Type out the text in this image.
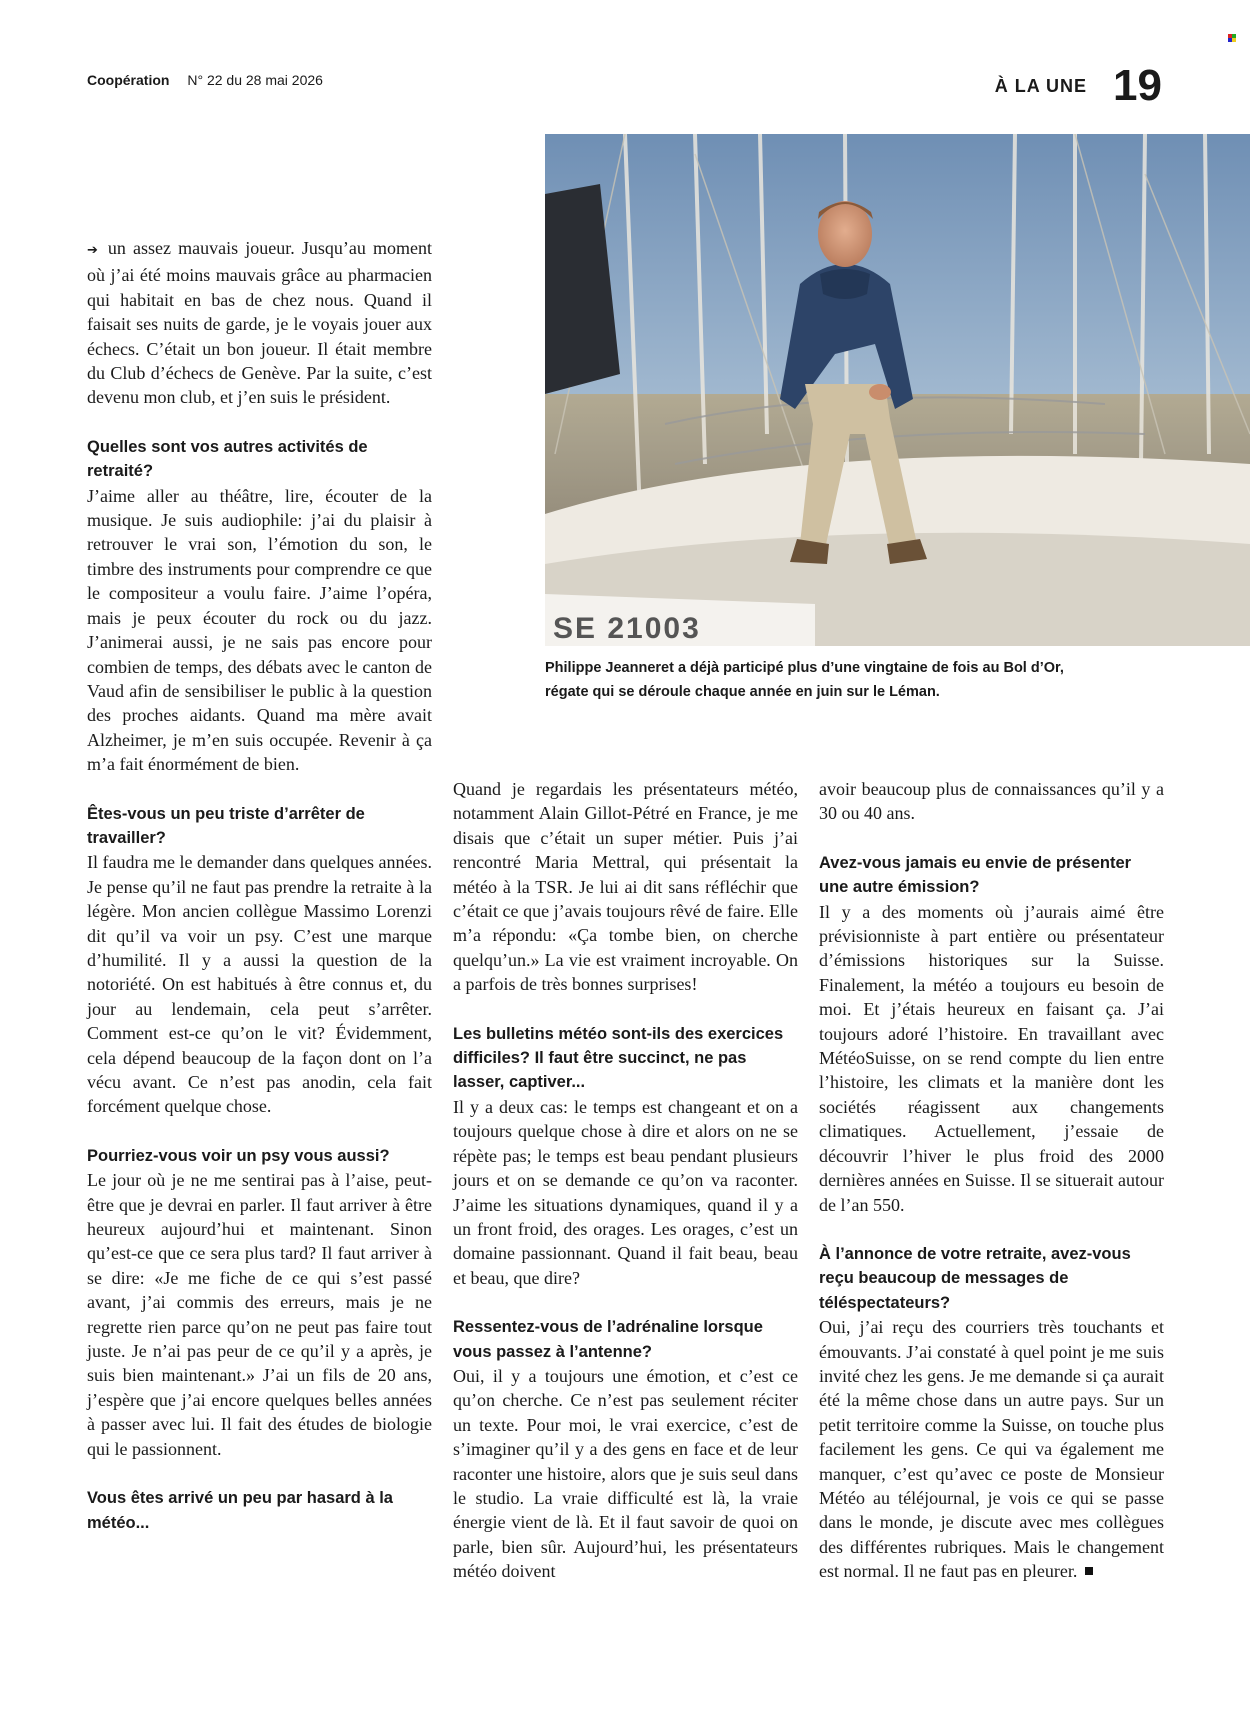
Coopération N° 22 du 28 mai 2026	À LA UNE 19
SE 21003
Philippe Jeanneret a déjà participé plus d’une vingtaine de fois au Bol d’Or, régate qui se déroule chaque année en juin sur le Léman.

➔ un assez mauvais joueur. Jusqu’au moment où j’ai été moins mauvais grâce au pharmacien qui habitait en bas de chez nous. Quand il faisait ses nuits de garde, je le voyais jouer aux échecs. C’était un bon joueur. Il était membre du Club d’échecs de Genève. Par la suite, c’est devenu mon club, et j’en suis le président.

Quelles sont vos autres activités de retraité?

J’aime aller au théâtre, lire, écouter de la musique. Je suis audiophile: j’ai du plaisir à retrouver le vrai son, l’émotion du son, le timbre des instruments pour comprendre ce que le compositeur a voulu faire. J’aime l’opéra, mais je peux écouter du rock ou du jazz. J’animerai aussi, je ne sais pas encore pour combien de temps, des débats avec le canton de Vaud afin de sensibiliser le public à la question des proches aidants. Quand ma mère avait Alzheimer, je m’en suis occupée. Revenir à ça m’a fait énormément de bien.

Êtes-vous un peu triste d’arrêter de travailler?

Il faudra me le demander dans quelques années. Je pense qu’il ne faut pas prendre la retraite à la légère. Mon ancien collègue Massimo Lorenzi dit qu’il va voir un psy. C’est une marque d’humilité. Il y a aussi la question de la notoriété. On est habitués à être connus et, du jour au lendemain, cela peut s’arrêter. Comment est-ce qu’on le vit? Évidemment, cela dépend beaucoup de la façon dont on l’a vécu avant. Ce n’est pas anodin, cela fait forcément quelque chose.

Pourriez-vous voir un psy vous aussi?

Le jour où je ne me sentirai pas à l’aise, peut-être que je devrai en parler. Il faut arriver à être heureux aujourd’hui et maintenant. Sinon qu’est-ce que ce sera plus tard? Il faut arriver à se dire: «Je me fiche de ce qui s’est passé avant, j’ai commis des erreurs, mais je ne regrette rien parce qu’on ne peut pas faire tout juste. Je n’ai pas peur de ce qu’il y a après, je suis bien maintenant.» J’ai un fils de 20 ans, j’espère que j’ai encore quelques belles années à passer avec lui. Il fait des études de biologie qui le passionnent.

Vous êtes arrivé un peu par hasard à la météo...

Quand je regardais les présentateurs météo, notamment Alain Gillot-Pétré en France, je me disais que c’était un super métier. Puis j’ai rencontré Maria Mettral, qui présentait la météo à la TSR. Je lui ai dit sans réfléchir que c’était ce que j’avais toujours rêvé de faire. Elle m’a répondu: «Ça tombe bien, on cherche quelqu’un.» La vie est vraiment incroyable. On a parfois de très bonnes surprises!

Les bulletins météo sont-ils des exercices difficiles? Il faut être succinct, ne pas lasser, captiver...

Il y a deux cas: le temps est changeant et on a toujours quelque chose à dire et alors on ne se répète pas; le temps est beau pendant plusieurs jours et on se demande ce qu’on va raconter. J’aime les situations dynamiques, quand il y a un front froid, des orages. Les orages, c’est un domaine passionnant. Quand il fait beau, beau et beau, que dire?

Ressentez-vous de l’adrénaline lorsque vous passez à l’antenne?

Oui, il y a toujours une émotion, et c’est ce qu’on cherche. Ce n’est pas seulement réciter un texte. Pour moi, le vrai exercice, c’est de s’imaginer qu’il y a des gens en face et de leur raconter une histoire, alors que je suis seul dans le studio. La vraie difficulté est là, la vraie énergie vient de là. Et il faut savoir de quoi on parle, bien sûr. Aujourd’hui, les présentateurs météo doivent

avoir beaucoup plus de connaissances qu’il y a 30 ou 40 ans.

Avez-vous jamais eu envie de présenter une autre émission?

Il y a des moments où j’aurais aimé être prévisionniste à part entière ou présentateur d’émissions historiques sur la Suisse. Finalement, la météo a toujours eu besoin de moi. Et j’étais heureux en faisant ça. J’ai toujours adoré l’histoire. En travaillant avec MétéoSuisse, on se rend compte du lien entre l’histoire, les climats et la manière dont les sociétés réagissent aux changements climatiques. Actuellement, j’essaie de découvrir l’hiver le plus froid des 2000 dernières années en Suisse. Il se situerait autour de l’an 550.

À l’annonce de votre retraite, avez-vous reçu beaucoup de messages de téléspectateurs?

Oui, j’ai reçu des courriers très touchants et émouvants. J’ai constaté à quel point je me suis invité chez les gens. Je me demande si ça aurait été la même chose dans un autre pays. Sur un petit territoire comme la Suisse, on touche plus facilement les gens. Ce qui va également me manquer, c’est qu’avec ce poste de Monsieur Météo au téléjournal, je vois ce qui se passe dans le monde, je discute avec mes collègues des différentes rubriques. Mais le changement est normal. Il ne faut pas en pleurer.
